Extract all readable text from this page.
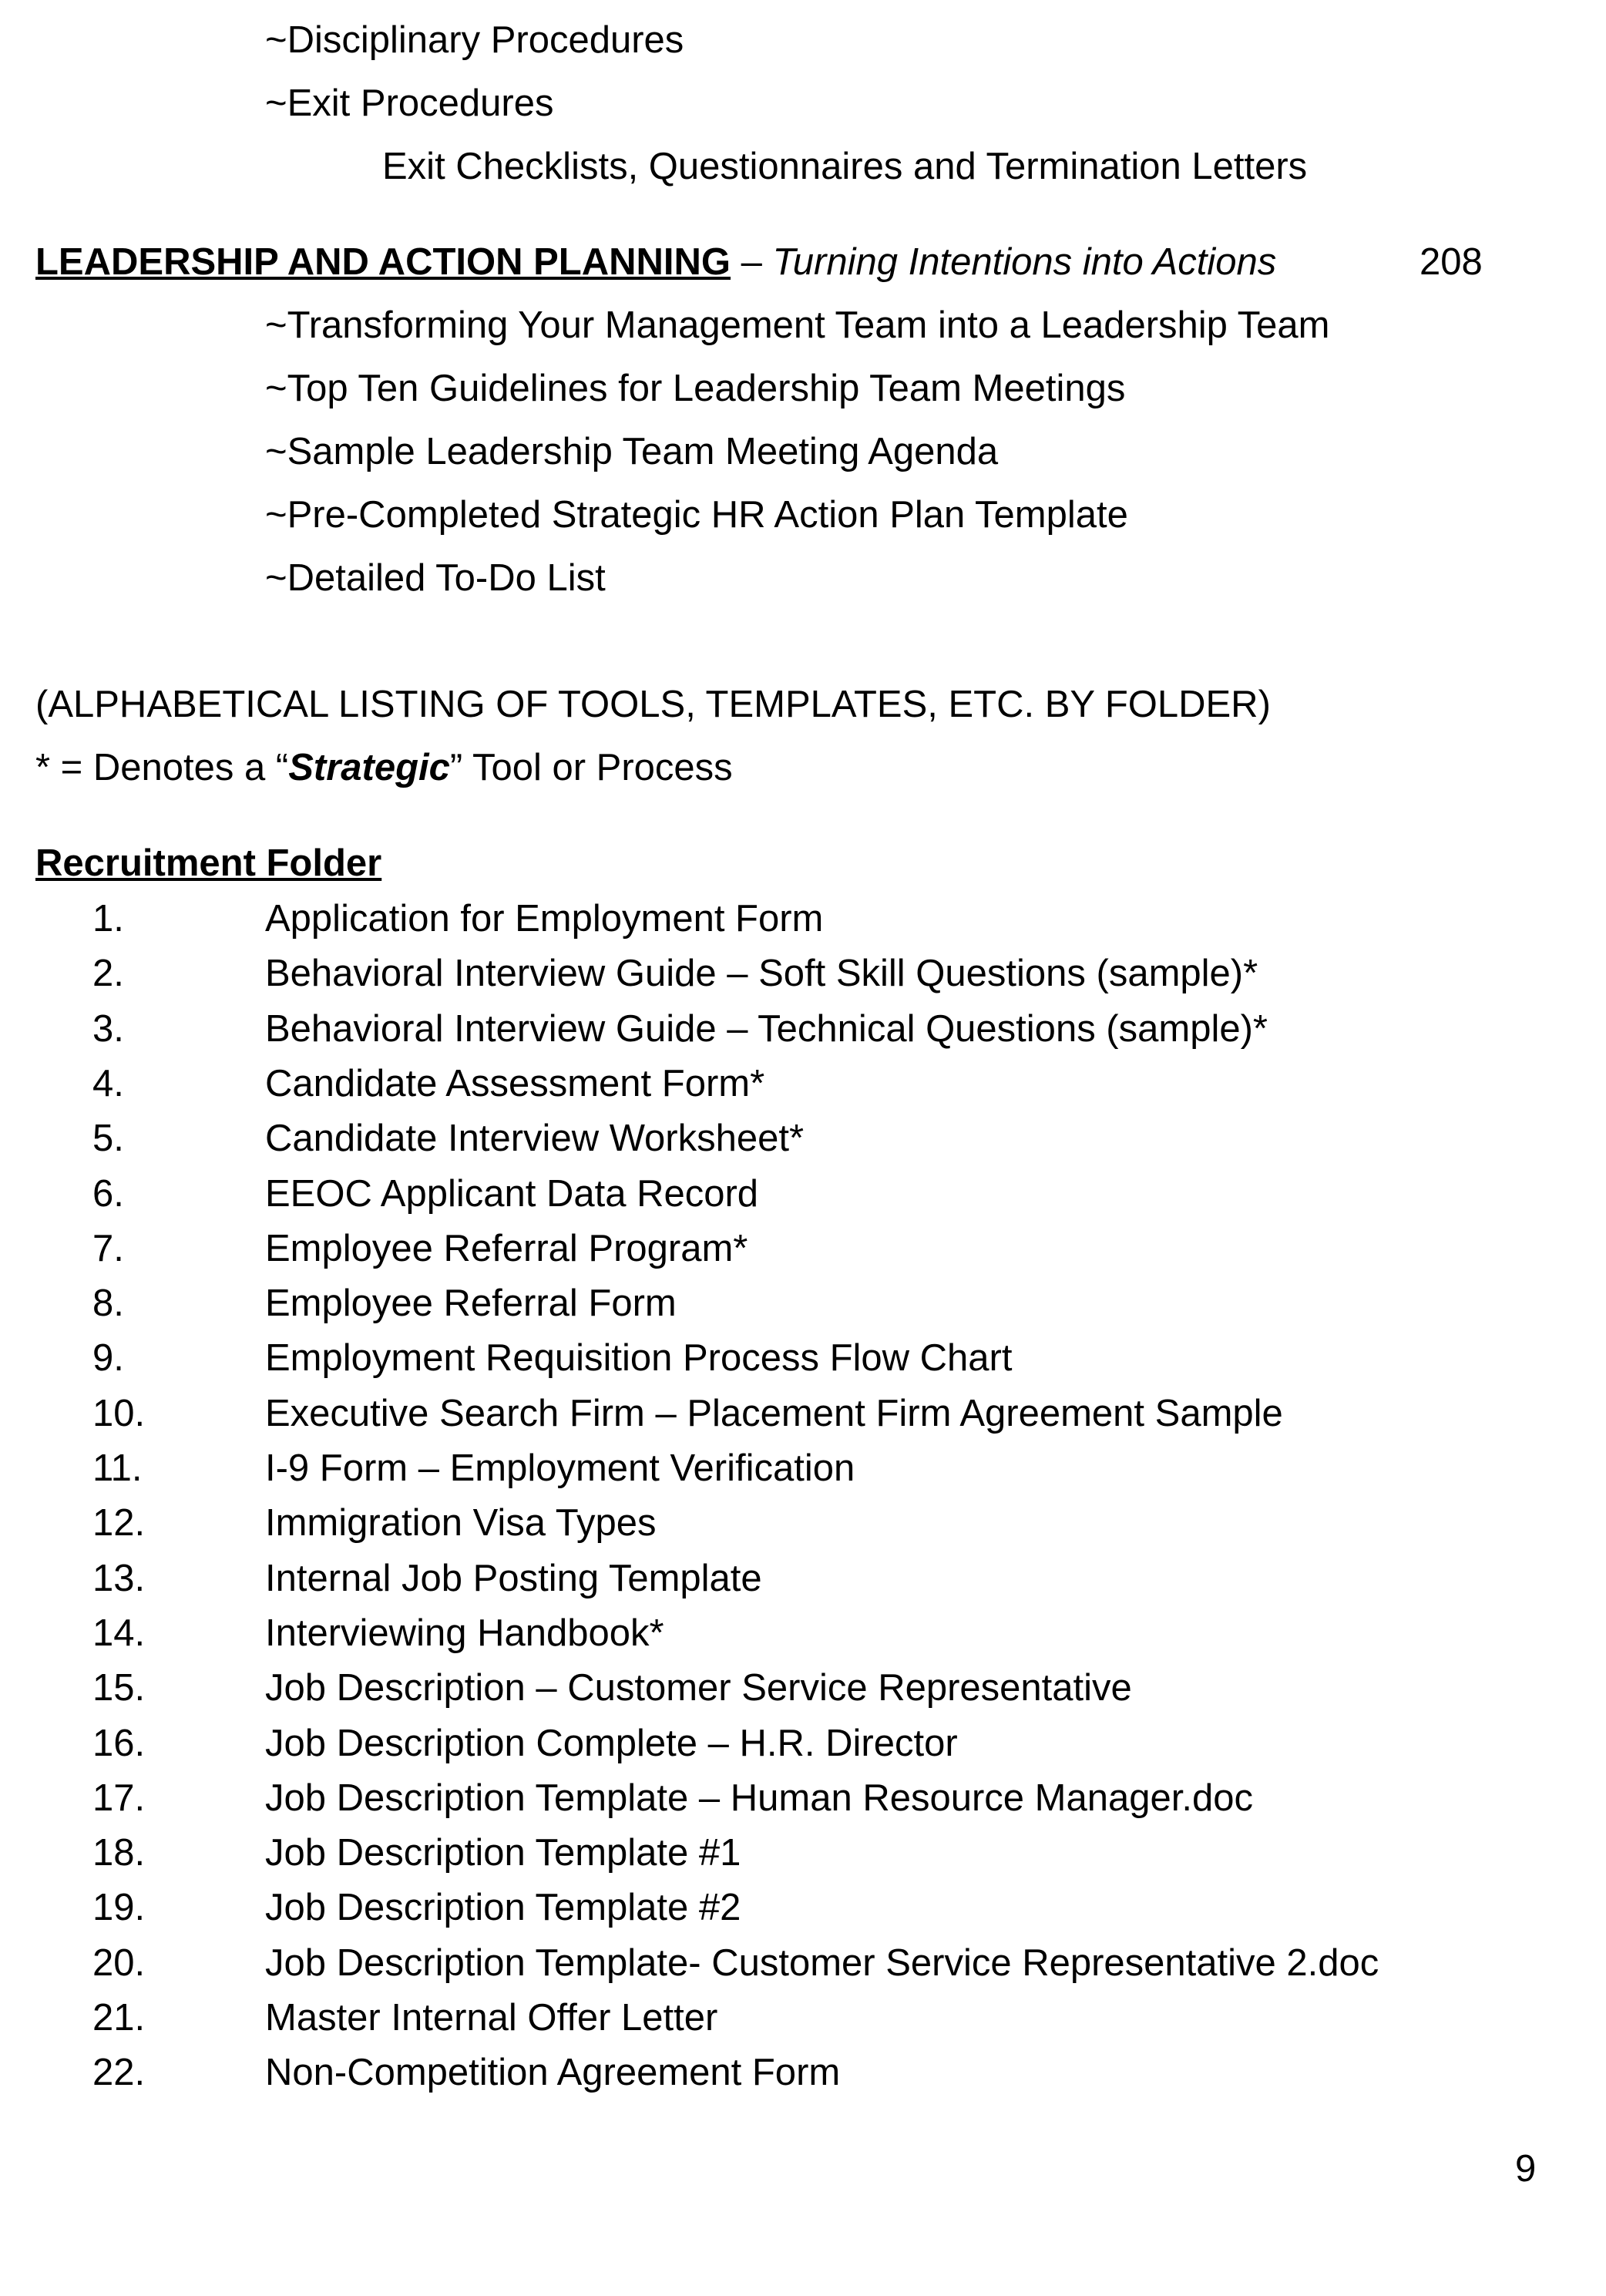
~Disciplinary Procedures
~Exit Procedures
Exit Checklists, Questionnaires and Termination Letters
LEADERSHIP AND ACTION PLANNING – Turning Intentions into Actions	208
~Transforming Your Management Team into a Leadership Team
~Top Ten Guidelines for Leadership Team Meetings
~Sample Leadership Team Meeting Agenda
~Pre-Completed Strategic HR Action Plan Template
~Detailed To-Do List
(ALPHABETICAL LISTING OF TOOLS, TEMPLATES, ETC. BY FOLDER)
* = Denotes a “Strategic” Tool or Process
Recruitment Folder
1.	Application for Employment Form
2.	Behavioral Interview Guide – Soft Skill Questions (sample)*
3.	Behavioral Interview Guide – Technical Questions (sample)*
4.	Candidate Assessment Form*
5.	Candidate Interview Worksheet*
6.	EEOC Applicant Data Record
7.	Employee Referral Program*
8.	Employee Referral Form
9.	Employment Requisition Process Flow Chart
10.	Executive Search Firm – Placement Firm Agreement Sample
11.	I-9 Form – Employment Verification
12.	Immigration Visa Types
13.	Internal Job Posting Template
14.	Interviewing Handbook*
15.	Job Description – Customer Service Representative
16.	Job Description Complete – H.R. Director
17.	Job Description Template – Human Resource Manager.doc
18.	Job Description Template #1
19.	Job Description Template #2
20.	Job Description Template- Customer Service Representative 2.doc
21.	Master Internal Offer Letter
22.	Non-Competition Agreement Form
9
